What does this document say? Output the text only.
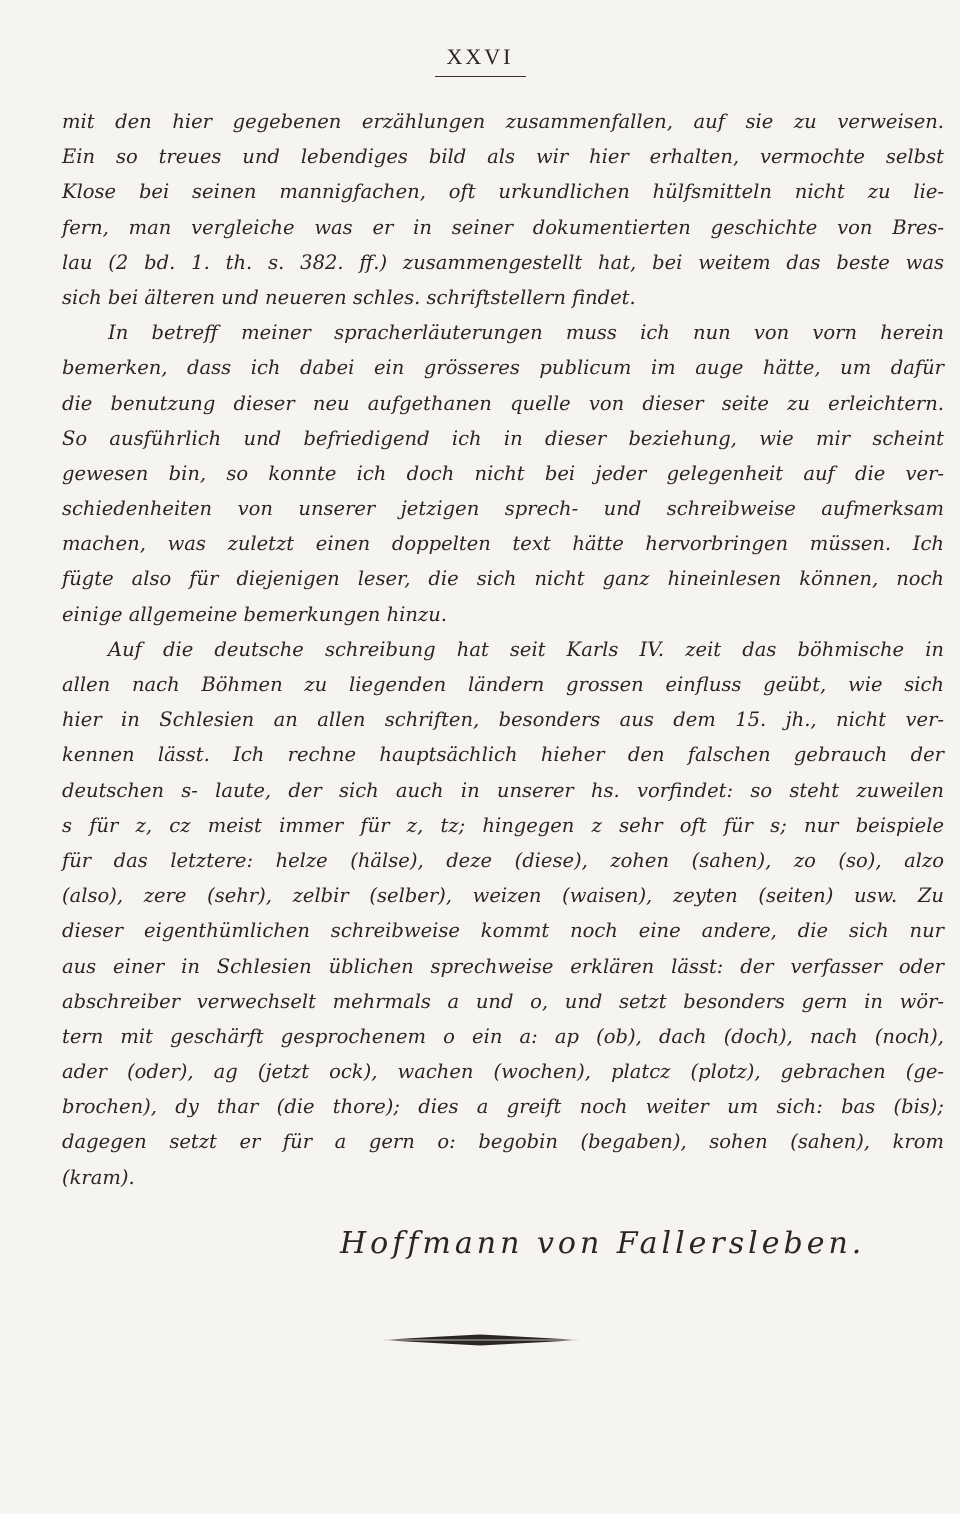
XXVI
mit den hier gegebenen erzählungen zusammenfallen, auf sie zu verweisen.
Ein so treues und lebendiges bild als wir hier erhalten, vermochte selbst
Klose bei seinen mannigfachen, oft urkundlichen hülfsmitteln nicht zu lie-
fern, man vergleiche was er in seiner dokumentierten geschichte von Bres-
lau (2 bd. 1. th. s. 382. ff.) zusammengestellt hat, bei weitem das beste was
sich bei älteren und neueren schles. schriftstellern findet.
In betreff meiner spracherläuterungen muss ich nun von vorn herein
bemerken, dass ich dabei ein grösseres publicum im auge hätte, um dafür
die benutzung dieser neu aufgethanen quelle von dieser seite zu erleichtern.
So ausführlich und befriedigend ich in dieser beziehung, wie mir scheint
gewesen bin, so konnte ich doch nicht bei jeder gelegenheit auf die ver-
schiedenheiten von unserer jetzigen sprech- und schreibweise aufmerksam
machen, was zuletzt einen doppelten text hätte hervorbringen müssen. Ich
fügte also für diejenigen leser, die sich nicht ganz hineinlesen können, noch
einige allgemeine bemerkungen hinzu.
Auf die deutsche schreibung hat seit Karls IV. zeit das böhmische in
allen nach Böhmen zu liegenden ländern grossen einfluss geübt, wie sich
hier in Schlesien an allen schriften, besonders aus dem 15. jh., nicht ver-
kennen lässt. Ich rechne hauptsächlich hieher den falschen gebrauch der
deutschen s- laute, der sich auch in unserer hs. vorfindet: so steht zuweilen
s für z, cz meist immer für z, tz; hingegen z sehr oft für s; nur beispiele
für das letztere: helze (hälse), deze (diese), zohen (sahen), zo (so), alzo
(also), zere (sehr), zelbir (selber), weizen (waisen), zeyten (seiten) usw. Zu
dieser eigenthümlichen schreibweise kommt noch eine andere, die sich nur
aus einer in Schlesien üblichen sprechweise erklären lässt: der verfasser oder
abschreiber verwechselt mehrmals a und o, und setzt besonders gern in wör-
tern mit geschärft gesprochenem o ein a: ap (ob), dach (doch), nach (noch),
ader (oder), ag (jetzt ock), wachen (wochen), platcz (plotz), gebrachen (ge-
brochen), dy thar (die thore); dies a greift noch weiter um sich: bas (bis);
dagegen setzt er für a gern o: begobin (begaben), sohen (sahen), krom
(kram).
Hoffmann von Fallersleben.
